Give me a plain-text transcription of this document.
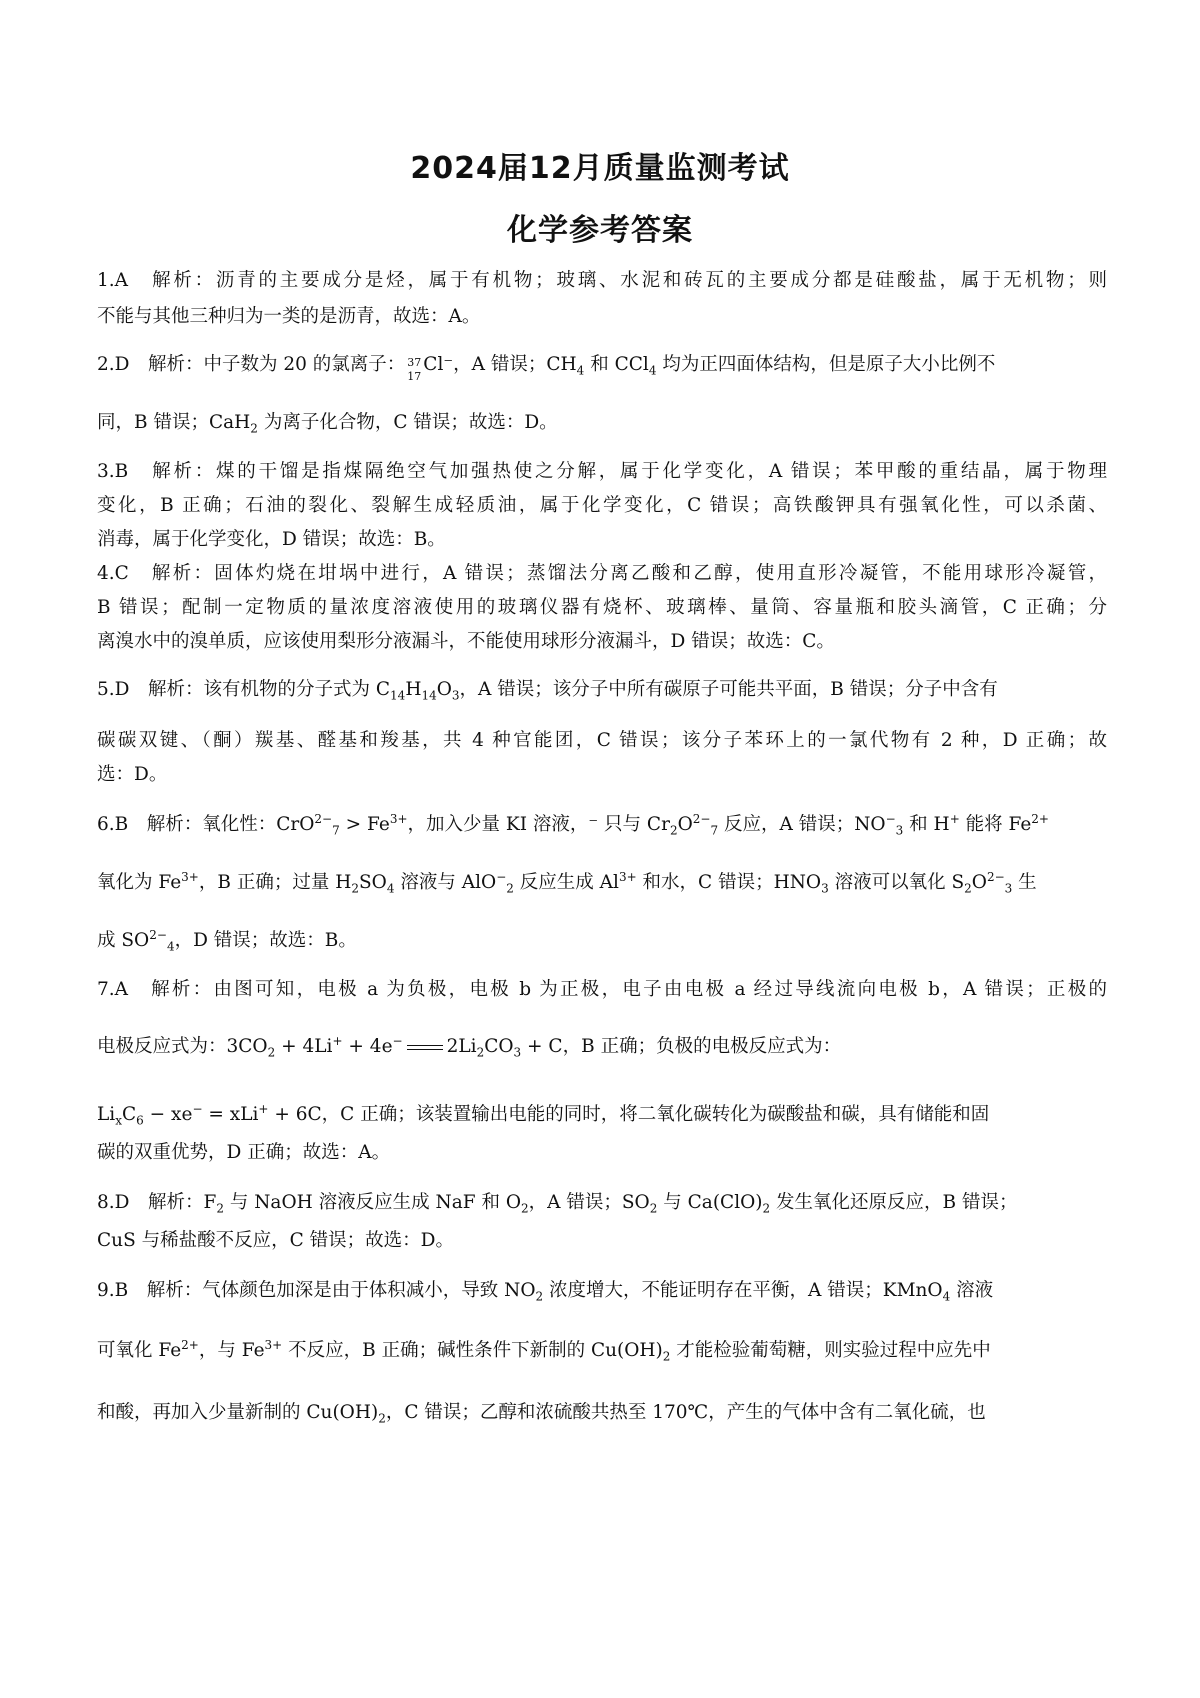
2024届12月质量监测考试
化学参考答案
1.A　解析：沥青的主要成分是烃，属于有机物；玻璃、水泥和砖瓦的主要成分都是硅酸盐，属于无机物；则
不能与其他三种归为一类的是沥青，故选：A。
2.D　解析：中子数为 20 的氯离子： 37
17
Cl⁻，A 错误；$CH_4$ 和 CCl$_4$ 均为正四面体结构，但是原子大小比例不
同，B 错误；CaH$_2$ 为离子化合物，C 错误；故选：D。
3.B　解析：煤的干馏是指煤隔绝空气加强热使之分解，属于化学变化，A 错误；苯甲酸的重结晶，属于物理
变化，B 正确；石油的裂化、裂解生成轻质油，属于化学变化，C 错误；高铁酸钾具有强氧化性，可以杀菌、
消毒，属于化学变化，D 错误；故选：B。
4.C　解析：固体灼烧在坩埚中进行，A 错误；蒸馏法分离乙酸和乙醇，使用直形冷凝管，不能用球形冷凝管，
B 错误；配制一定物质的量浓度溶液使用的玻璃仪器有烧杯、玻璃棒、量筒、容量瓶和胶头滴管，C 正确；分
离溴水中的溴单质，应该使用梨形分液漏斗，不能使用球形分液漏斗，D 错误；故选：C。
5.D　解析：该有机物的分子式为 $C_{14}H_{14}O_3$，A 错误；该分子中所有碳原子可能共平面，B 错误；分子中含有
碳碳双键、（酮）羰基、醛基和羧基，共 4 种官能团，C 错误；该分子苯环上的一氯代物有 2 种，D 正确；故
选：D。
6.B　解析：氧化性：$CrO^{2-}_7 > Fe^{3+}$，加入少量 KI 溶液，⁻ 只与 $Cr_2O^{2-}_7$ 反应，A 错误；$NO^-_3$ 和 H+ 能将 $Fe^{2+}$
氧化为 $Fe^{3+}$，B 正确；过量 $H_2SO_4$ 溶液与 AlO−$_2$ 反应生成 $Al^{3+}$ 和水，C 错误；$HNO_3$ 溶液可以氧化 $S_2O^{2-}_3$ 生
成 $SO^{2-}_4$，D 错误；故选：B。
7.A　解析：由图可知，电极 a 为负极，电极 b 为正极，电子由电极 a 经过导线流向电极 b，A 错误；正极的
电极反应式为：$3CO_2 + 4Li^+ + 4e^-$ $2Li_2CO_3 + C$，B 正确；负极的电极反应式为：
$Li_xC_6 - xe^- = xLi^+ + 6C$，C 正确；该装置输出电能的同时，将二氧化碳转化为碳酸盐和碳，具有储能和固
碳的双重优势，D 正确；故选：A。
8.D　解析：$F_2$ 与 NaOH 溶液反应生成 NaF 和 $O_2$，A 错误；$SO_2$ 与 $Ca(ClO)_2$ 发生氧化还原反应，B 错误；
CuS 与稀盐酸不反应，C 错误；故选：D。
9.B　解析：气体颜色加深是由于体积减小，导致 $NO_2$ 浓度增大，不能证明存在平衡，A 错误；KMnO$_4$ 溶液
可氧化 $Fe^{2+}$，与 $Fe^{3+}$ 不反应，B 正确；碱性条件下新制的 $Cu(OH)_2$ 才能检验葡萄糖，则实验过程中应先中
和酸，再加入少量新制的 $Cu(OH)_2$，C 错误；乙醇和浓硫酸共热至 170℃，产生的气体中含有二氧化硫，也
